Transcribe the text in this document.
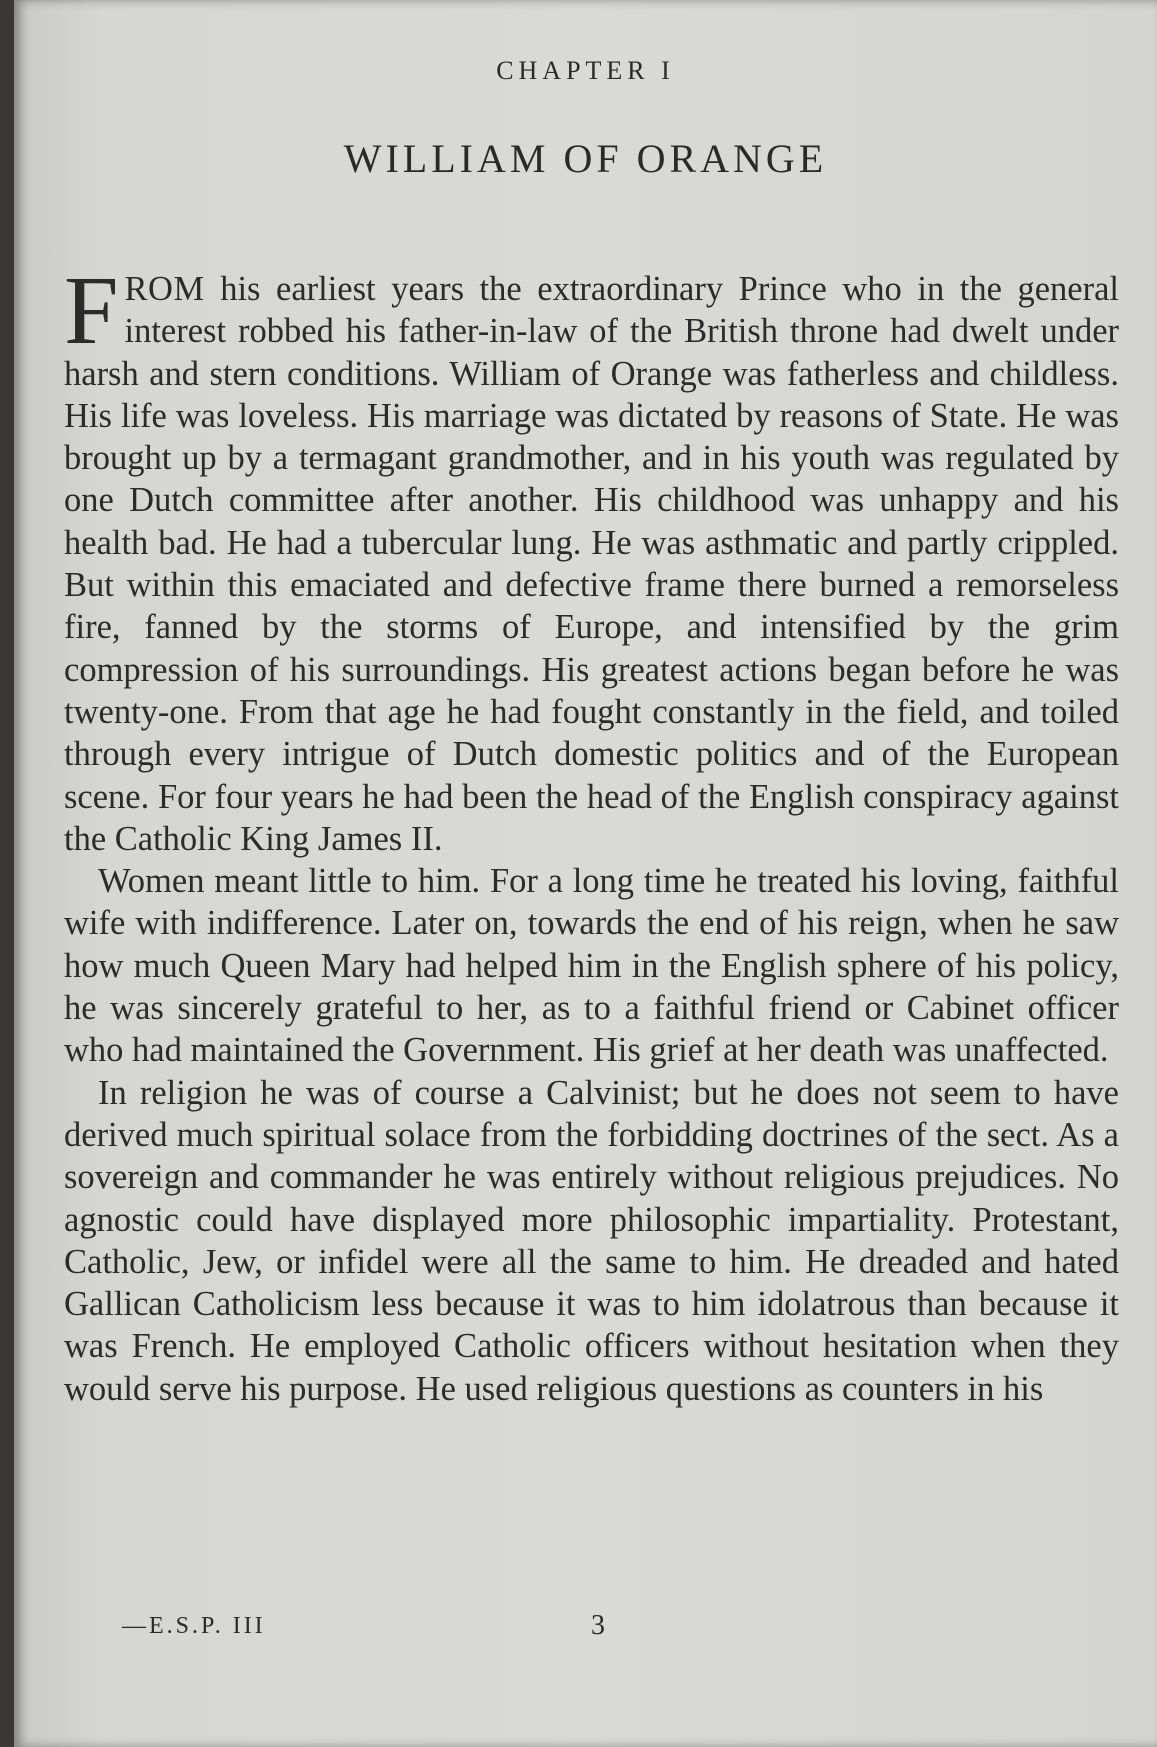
CHAPTER I
WILLIAM OF ORANGE

FROM his earliest years the extraordinary Prince who in the general interest robbed his father-in-law of the British throne had dwelt under harsh and stern conditions. William of Orange was fatherless and childless. His life was loveless. His marriage was dictated by reasons of State. He was brought up by a termagant grandmother, and in his youth was regulated by one Dutch committee after another. His childhood was unhappy and his health bad. He had a tubercular lung. He was asthmatic and partly crippled. But within this emaciated and defective frame there burned a remorseless fire, fanned by the storms of Europe, and intensified by the grim compression of his surroundings. His greatest actions began before he was twenty-one. From that age he had fought constantly in the field, and toiled through every intrigue of Dutch domestic politics and of the European scene. For four years he had been the head of the English conspiracy against the Catholic King James II.

Women meant little to him. For a long time he treated his loving, faithful wife with indifference. Later on, towards the end of his reign, when he saw how much Queen Mary had helped him in the English sphere of his policy, he was sincerely grateful to her, as to a faithful friend or Cabinet officer who had maintained the Government. His grief at her death was unaffected.

In religion he was of course a Calvinist; but he does not seem to have derived much spiritual solace from the forbidding doctrines of the sect. As a sovereign and commander he was entirely without religious prejudices. No agnostic could have displayed more philosophic impartiality. Protestant, Catholic, Jew, or infidel were all the same to him. He dreaded and hated Gallican Catholicism less because it was to him idolatrous than because it was French. He employed Catholic officers without hesitation when they would serve his purpose. He used religious questions as counters in his

—E.S.P. III	3
